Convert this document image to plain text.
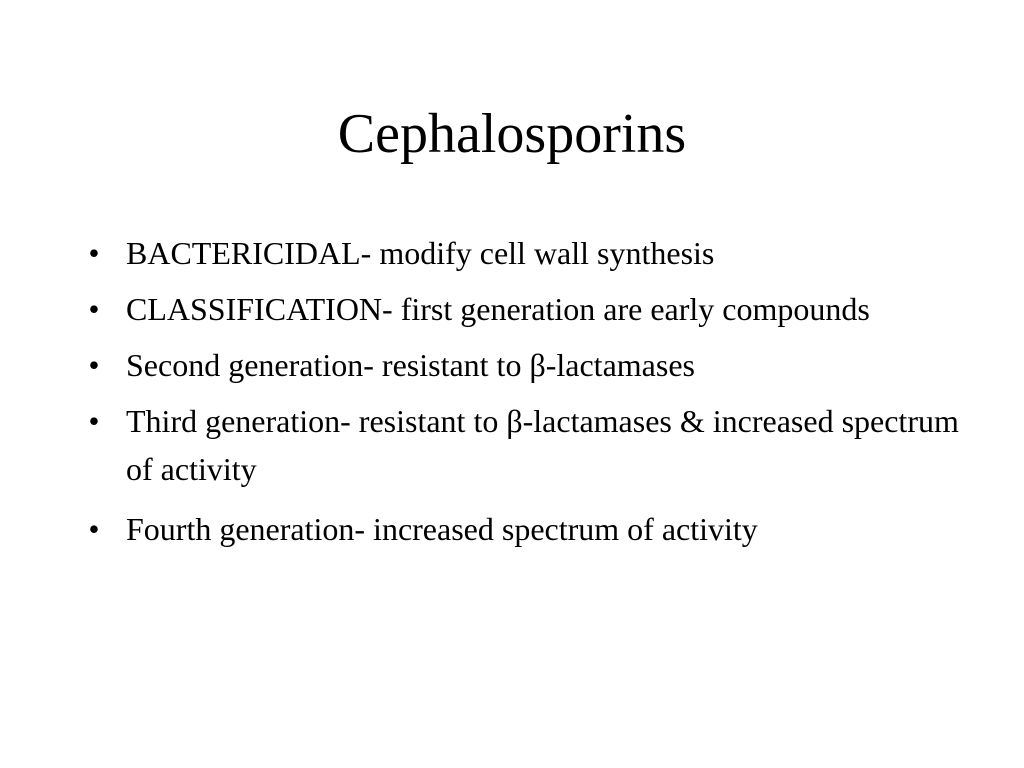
Cephalosporins
• BACTERICIDAL- modify cell wall synthesis
• CLASSIFICATION- first generation are early compounds
• Second generation- resistant to β-lactamases
• Third generation- resistant to β-lactamases & increased spectrum of activity
• Fourth generation- increased spectrum of activity
